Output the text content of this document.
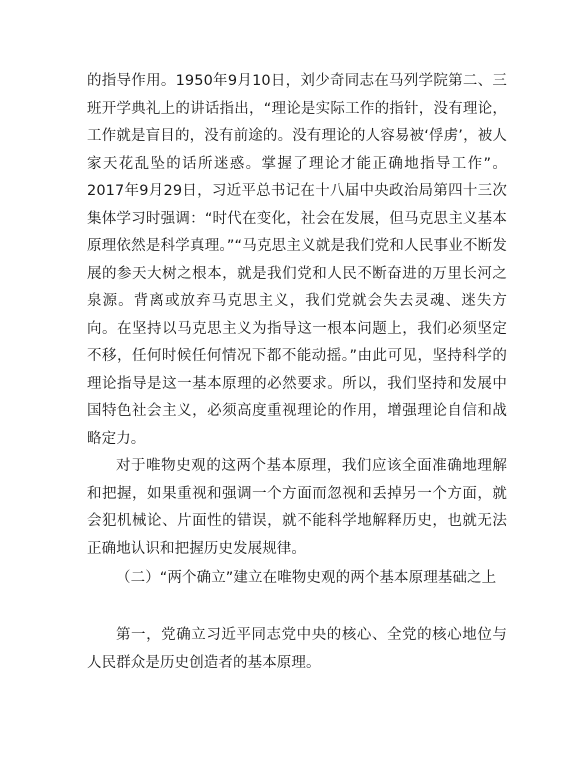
的指导作用。1950年9月10日，刘少奇同志在马列学院第二、三班开学典礼上的讲话指出，“理论是实际工作的指针，没有理论，工作就是盲目的，没有前途的。没有理论的人容易被‘俘虏’，被人家天花乱坠的话所迷惑。掌握了理论才能正确地指导工作”。2017年9月29日，习近平总书记在十八届中央政治局第四十三次集体学习时强调：“时代在变化，社会在发展，但马克思主义基本原理依然是科学真理。”“马克思主义就是我们党和人民事业不断发展的参天大树之根本，就是我们党和人民不断奋进的万里长河之泉源。背离或放弃马克思主义，我们党就会失去灵魂、迷失方向。在坚持以马克思主义为指导这一根本问题上，我们必须坚定不移，任何时候任何情况下都不能动摇。”由此可见，坚持科学的理论指导是这一基本原理的必然要求。所以，我们坚持和发展中国特色社会主义，必须高度重视理论的作用，增强理论自信和战略定力。

对于唯物史观的这两个基本原理，我们应该全面准确地理解和把握，如果重视和强调一个方面而忽视和丢掉另一个方面，就会犯机械论、片面性的错误，就不能科学地解释历史，也就无法正确地认识和把握历史发展规律。

（二）“两个确立”建立在唯物史观的两个基本原理基础之上

第一，党确立习近平同志党中央的核心、全党的核心地位与人民群众是历史创造者的基本原理。
